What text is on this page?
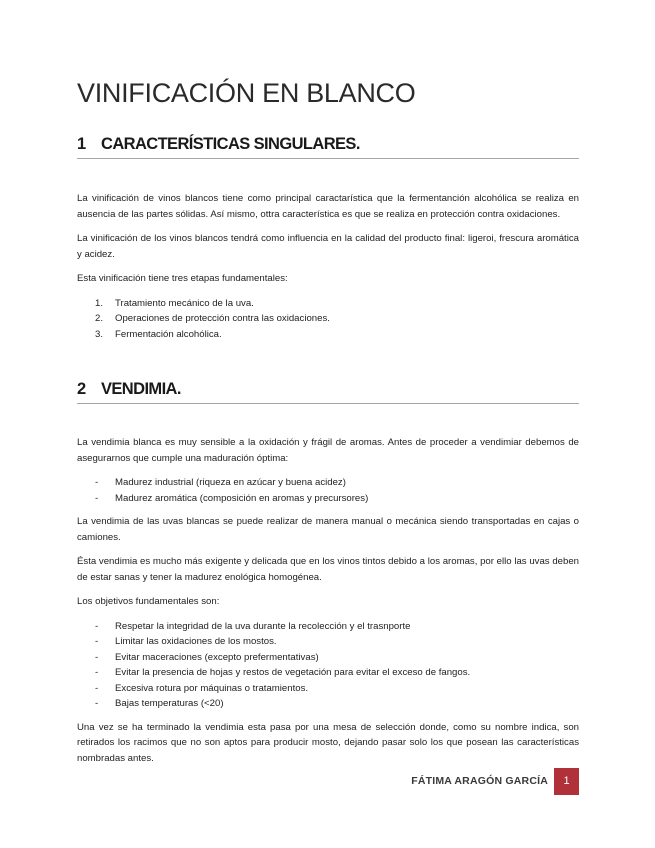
VINIFICACIÓN EN BLANCO
1 CARACTERÍSTICAS SINGULARES.

La vinificación de vinos blancos tiene como principal caractarística que la fermentanción alcohólica se realiza en ausencia de las partes sólidas. Así mismo, ottra característica es que se realiza en protección contra oxidaciones.

La vinificación de los vinos blancos tendrá como influencia en la calidad del producto final: ligeroi, frescura aromática y acidez.

Esta vinificación tiene tres etapas fundamentales:

1. Tratamiento mecánico de la uva.
2. Operaciones de protección contra las oxidaciones.
3. Fermentación alcohólica.
2 VENDIMIA.

La vendimia blanca es muy sensible a la oxidación y frágil de aromas. Antes de proceder a vendimiar debemos de asegurarnos que cumple una maduración óptima:

- Madurez industrial (riqueza en azúcar y buena acidez)
- Madurez aromática (composición en aromas y precursores)

La vendimia de las uvas blancas se puede realizar de manera manual o mecánica siendo transportadas en cajas o camiones.

Ésta vendimia es mucho más exigente y delicada que en los vinos tintos debido a los aromas, por ello las uvas deben de estar sanas y tener la madurez enológica homogénea.

Los objetivos fundamentales son:

- Respetar la integridad de la uva durante la recolección y el trasnporte
- Limitar las oxidaciones de los mostos.
- Evitar maceraciones (excepto prefermentativas)
- Evitar la presencia de hojas y restos de vegetación para evitar el exceso de fangos.
- Excesiva rotura por máquinas o tratamientos.
- Bajas temperaturas (<20)

Una vez se ha terminado la vendimia esta pasa por una mesa de selección donde, como su nombre indica, son retirados los racimos que no son aptos para producir mosto, dejando pasar solo los que posean las características nombradas antes.

FÁTIMA ARAGÓN GARCÍA	1
